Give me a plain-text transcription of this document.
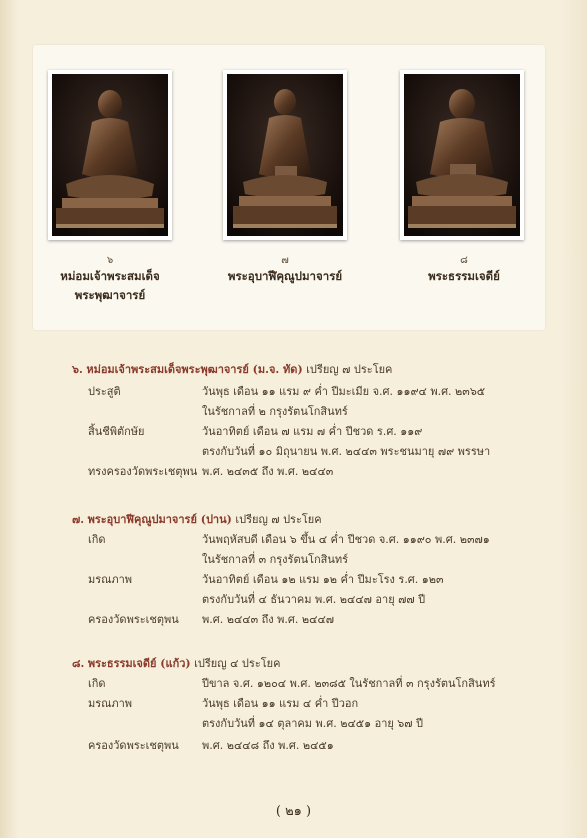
๖
หม่อมเจ้าพระสมเด็จ
พระพุฒาจารย์
๗
พระอุบาฬีคุณูปมาจารย์
๘
พระธรรมเจดีย์
๖. หม่อมเจ้าพระสมเด็จพระพุฒาจารย์ (ม.จ. ทัด) เปรียญ ๗ ประโยค
ประสูติ	วันพุธ เดือน ๑๑ แรม ๙ ค่ำ ปีมะเมีย จ.ศ. ๑๑๙๔ พ.ศ. ๒๓๖๕
ในรัชกาลที่ ๒ กรุงรัตนโกสินทร์
สิ้นชีพิตักษัย	วันอาทิตย์ เดือน ๗ แรม ๗ ค่ำ ปีชวด ร.ศ. ๑๑๙
ตรงกับวันที่ ๑๐ มิถุนายน พ.ศ. ๒๔๔๓ พระชนมายุ ๗๙ พรรษา
ทรงครองวัดพระเชตุพน พ.ศ. ๒๔๓๕ ถึง พ.ศ. ๒๔๔๓
๗. พระอุบาฬีคุณูปมาจารย์ (ปาน) เปรียญ ๗ ประโยค
เกิด	วันพฤหัสบดี เดือน ๖ ขึ้น ๔ ค่ำ ปีชวด จ.ศ. ๑๑๙๐ พ.ศ. ๒๓๗๑
ในรัชกาลที่ ๓ กรุงรัตนโกสินทร์
มรณภาพ	วันอาทิตย์ เดือน ๑๒ แรม ๑๒ ค่ำ ปีมะโรง ร.ศ. ๑๒๓
ตรงกับวันที่ ๔ ธันวาคม พ.ศ. ๒๔๔๗ อายุ ๗๗ ปี
ครองวัดพระเชตุพน พ.ศ. ๒๔๔๓ ถึง พ.ศ. ๒๔๔๗
๘. พระธรรมเจดีย์ (แก้ว) เปรียญ ๔ ประโยค
เกิด	ปีขาล จ.ศ. ๑๒๐๔ พ.ศ. ๒๓๘๕ ในรัชกาลที่ ๓ กรุงรัตนโกสินทร์
มรณภาพ	วันพุธ เดือน ๑๑ แรม ๔ ค่ำ ปีวอก
ตรงกับวันที่ ๑๔ ตุลาคม พ.ศ. ๒๔๕๑ อายุ ๖๗ ปี
ครองวัดพระเชตุพน พ.ศ. ๒๔๔๘ ถึง พ.ศ. ๒๔๕๑
( ๒๑ )
